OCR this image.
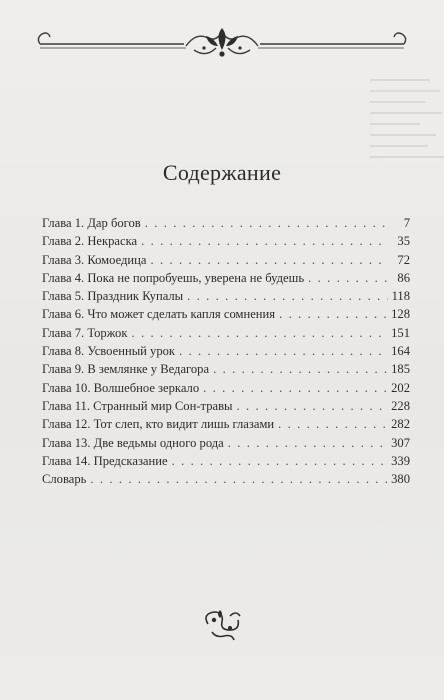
Содержание
Глава 1. Дар богов . . .	7
Глава 2. Некраска . . .	35
Глава 3. Комоедица . . .	72
Глава 4. Пока не попробуешь, уверена не будешь . . .	86
Глава 5. Праздник Купалы . . .	118
Глава 6. Что может сделать капля сомнения . . .	128
Глава 7. Торжок . . .	151
Глава 8. Усвоенный урок . . .	164
Глава 9. В землянке у Ведагора . . .	185
Глава 10. Волшебное зеркало . . .	202
Глава 11. Странный мир Сон-травы . . .	228
Глава 12. Тот слеп, кто видит лишь глазами . . .	282
Глава 13. Две ведьмы одного рода . . .	307
Глава 14. Предсказание . . .	339
Словарь . . .	380
